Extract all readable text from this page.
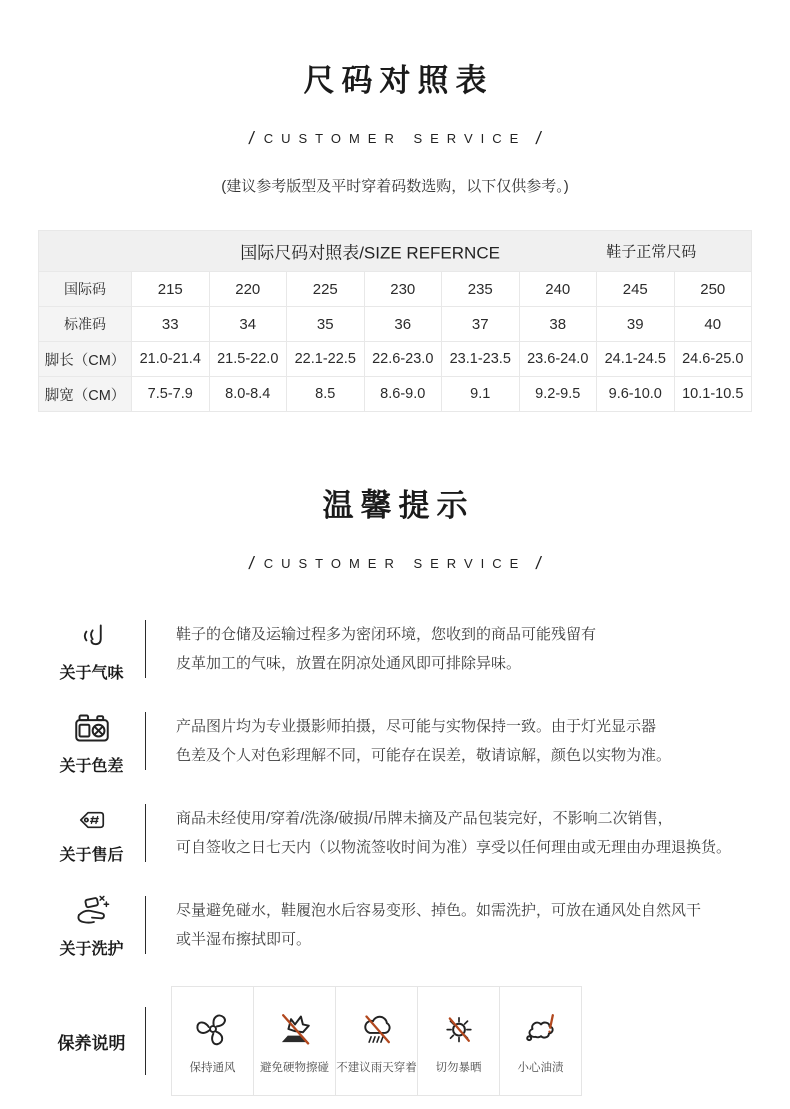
尺码对照表
/ CUSTOMER SERVICE /
(建议参考版型及平时穿着码数选购，以下仅供参考。)
国际尺码对照表/SIZE REFERNCE	鞋子正常尺码
国际码	215	220	225	230	235	240	245	250
标准码	33	34	35	36	37	38	39	40
脚长（CM） 21.0-21.4	21.5-22.0	22.1-22.5	22.6-23.0	23.1-23.5	23.6-24.0	24.1-24.5	24.6-25.0
脚宽（CM）	7.5-7.9	8.0-8.4	8.5	8.6-9.0	9.1	9.2-9.5	9.6-10.0	10.1-10.5
温馨提示
/ CUSTOMER SERVICE /
关于气味
鞋子的仓储及运输过程多为密闭环境，您收到的商品可能残留有
皮革加工的气味，放置在阴凉处通风即可排除异味。
关于色差
产品图片均为专业摄影师拍摄，尽可能与实物保持一致。由于灯光显示器
色差及个人对色彩理解不同，可能存在误差，敬请谅解，颜色以实物为准。
关于售后
商品未经使用/穿着/洗涤/破损/吊牌未摘及产品包装完好，不影响二次销售，
可自签收之日七天内（以物流签收时间为准）享受以任何理由或无理由办理退换货。
关于洗护
尽量避免碰水，鞋履泡水后容易变形、掉色。如需洗护，可放在通风处自然风干
或半湿布擦拭即可。
保养说明
保持通风 避免硬物擦碰 不建议雨天穿着 切勿暴晒	小心油渍
